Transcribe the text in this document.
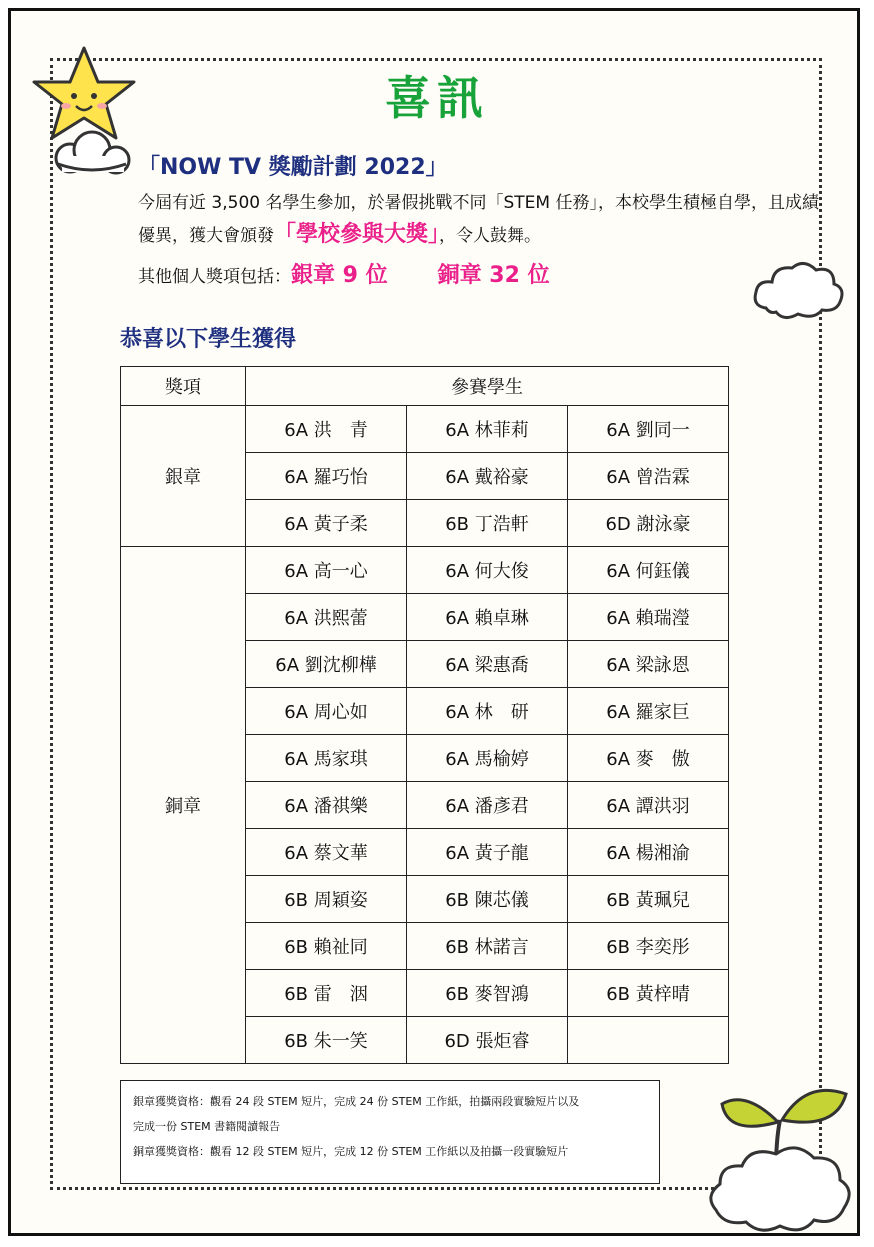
喜訊
「NOW TV 獎勵計劃 2022」
今屆有近 3,500 名學生參加，於暑假挑戰不同「STEM 任務」，本校學生積極自學，且成績優異，獲大會頒發「學校參與大獎」，令人鼓舞。
其他個人獎項包括：銀章 9 位 銅章 32 位
恭喜以下學生獲得
獎項	參賽學生		
銀章	6A 洪　青	6A 林菲莉	6A 劉同一
	6A 羅巧怡	6A 戴裕豪	6A 曾浩霖
	6A 黃子柔	6B 丁浩軒	6D 謝泳豪
銅章	6A 高一心	6A 何大俊	6A 何鈺儀
	6A 洪熙蕾	6A 賴卓琳	6A 賴瑞瀅
	6A 劉沈柳樺	6A 梁惠喬	6A 梁詠恩
	6A 周心如	6A 林　研	6A 羅家巨
	6A 馬家琪	6A 馬榆婷	6A 麥　傲
	6A 潘祺樂	6A 潘彥君	6A 譚洪羽
	6A 蔡文華	6A 黃子龍	6A 楊湘渝
	6B 周穎姿	6B 陳芯儀	6B 黃珮兒
	6B 賴祉同	6B 林諾言	6B 李奕彤
	6B 雷　洇	6B 麥智鴻	6B 黃梓晴
	6B 朱一笑	6D 張炬睿	
銀章獲獎資格：觀看 24 段 STEM 短片，完成 24 份 STEM 工作紙，拍攝兩段實驗短片以及
完成一份 STEM 書籍閱讀報告
銅章獲獎資格：觀看 12 段 STEM 短片，完成 12 份 STEM 工作紙以及拍攝一段實驗短片
